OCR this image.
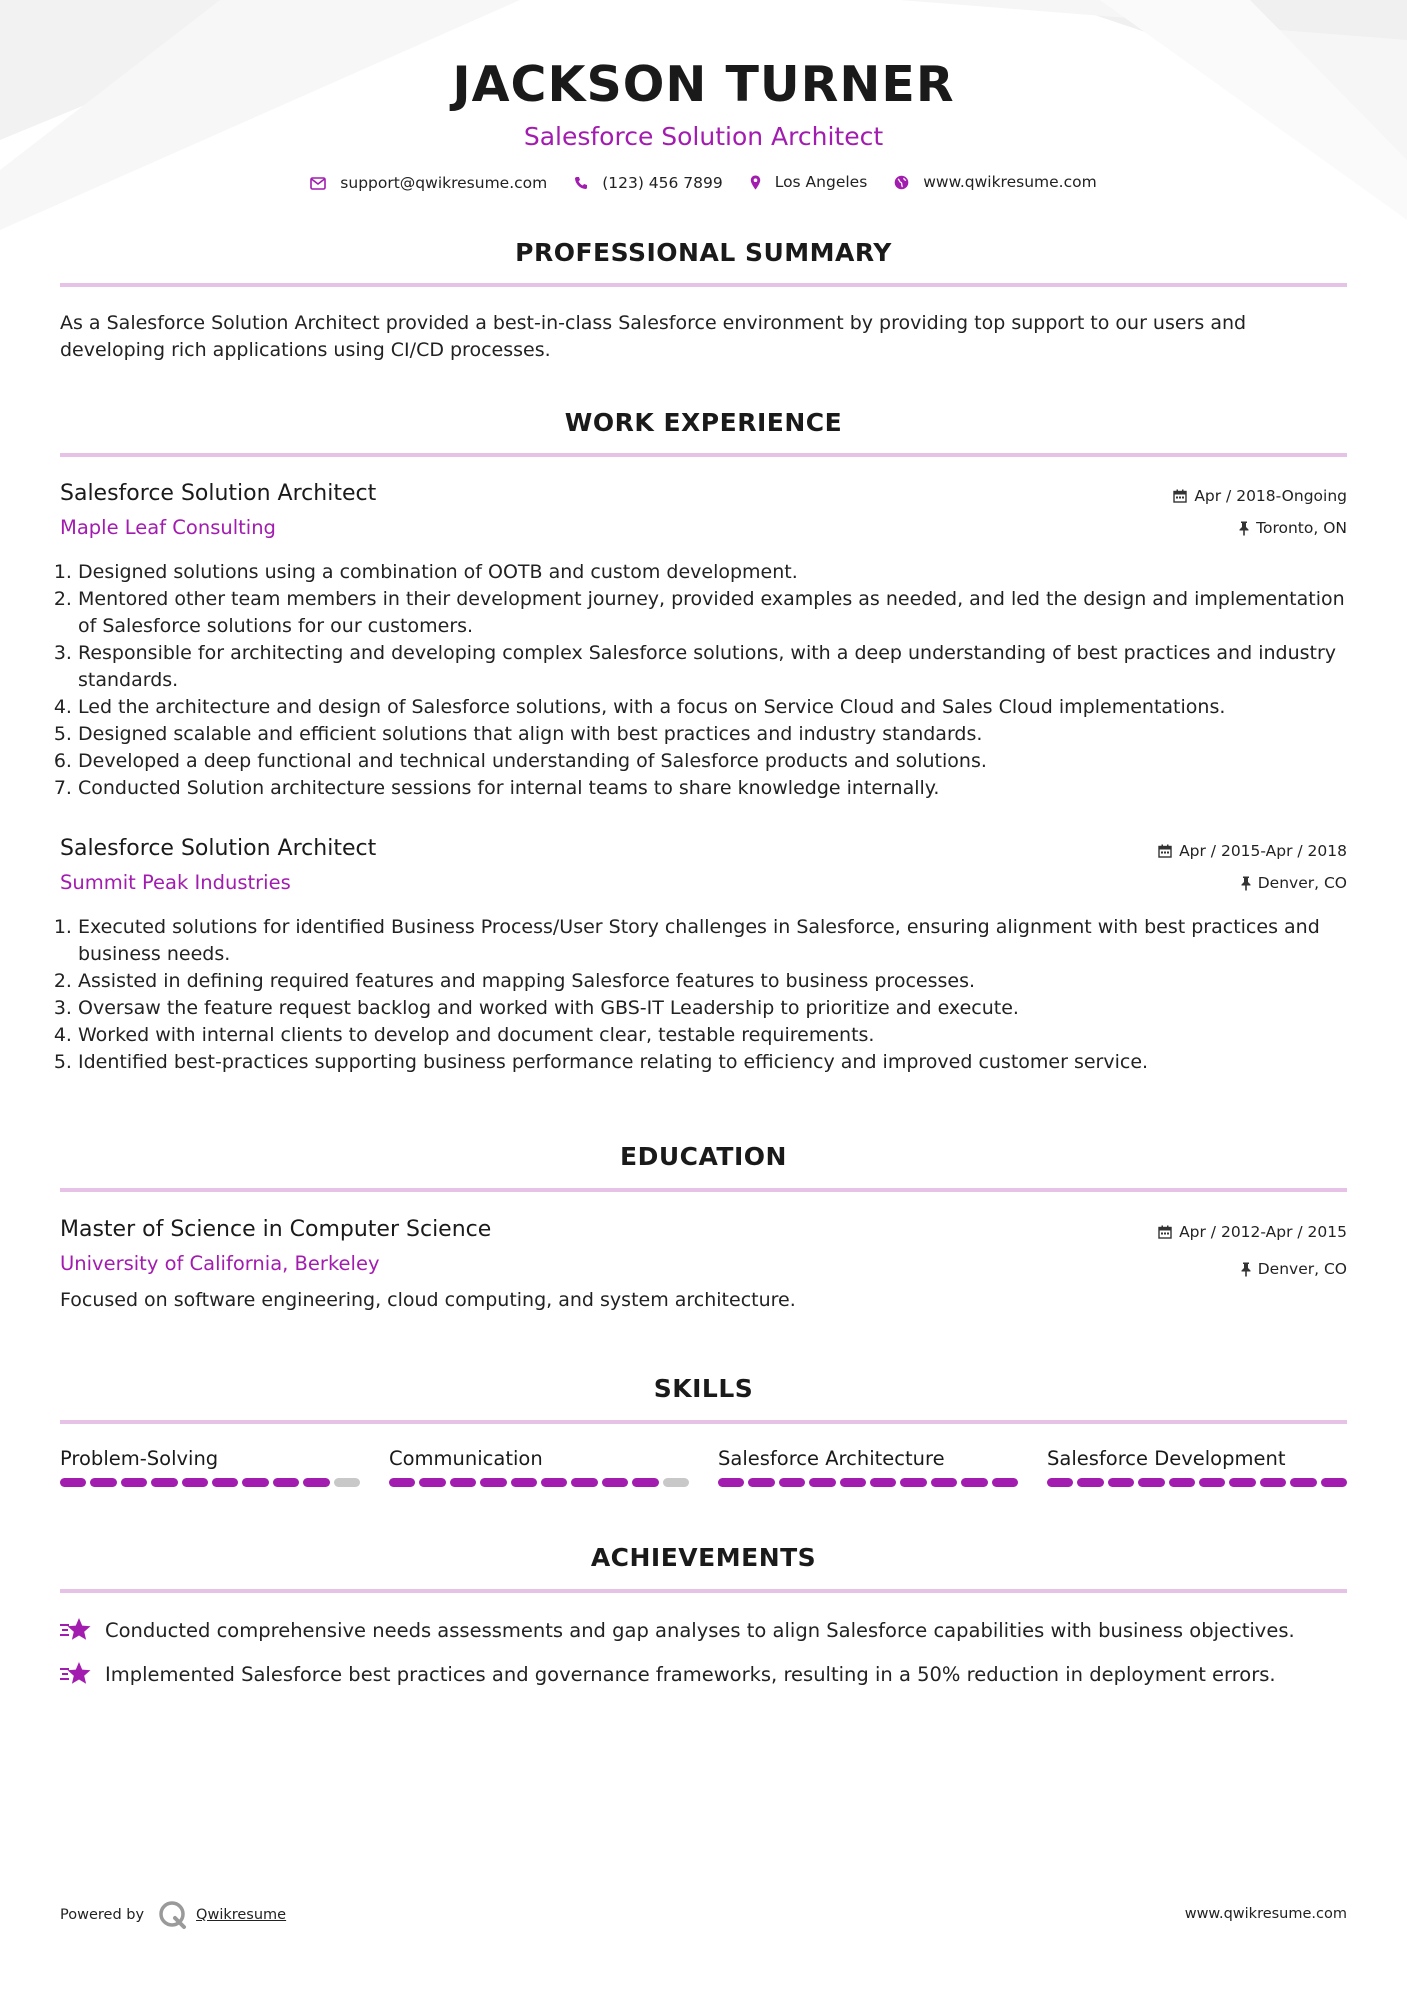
JACKSON TURNER
Salesforce Solution Architect
support@qwikresume.com
	(123) 456 7899
	Los Angeles
	www.qwikresume.com
PROFESSIONAL SUMMARY
As a Salesforce Solution Architect provided a best-in-class Salesforce environment by providing top support to our users and developing rich applications using CI/CD processes.
WORK EXPERIENCE
Salesforce Solution Architect
Maple Leaf Consulting
Apr / 2018-Ongoing
Toronto, ON
1. Designed solutions using a combination of OOTB and custom development.
2. Mentored other team members in their development journey, provided examples as needed, and led the design and implementation of Salesforce solutions for our customers.
3. Responsible for architecting and developing complex Salesforce solutions, with a deep understanding of best practices and industry standards.
4. Led the architecture and design of Salesforce solutions, with a focus on Service Cloud and Sales Cloud implementations.
5. Designed scalable and efficient solutions that align with best practices and industry standards.
6. Developed a deep functional and technical understanding of Salesforce products and solutions.
7. Conducted Solution architecture sessions for internal teams to share knowledge internally.
Salesforce Solution Architect
Summit Peak Industries
Apr / 2015-Apr / 2018
Denver, CO
1. Executed solutions for identified Business Process/User Story challenges in Salesforce, ensuring alignment with best practices and business needs.
2. Assisted in defining required features and mapping Salesforce features to business processes.
3. Oversaw the feature request backlog and worked with GBS-IT Leadership to prioritize and execute.
4. Worked with internal clients to develop and document clear, testable requirements.
5. Identified best-practices supporting business performance relating to efficiency and improved customer service.
EDUCATION
Master of Science in Computer Science
University of California, Berkeley
Apr / 2012-Apr / 2015
Denver, CO
Focused on software engineering, cloud computing, and system architecture.
SKILLS
Problem-Solving	Communication	Salesforce Architecture	Salesforce Development
ACHIEVEMENTS
Conducted comprehensive needs assessments and gap analyses to align Salesforce capabilities with business objectives.
Implemented Salesforce best practices and governance frameworks, resulting in a 50% reduction in deployment errors.
Powered by	Qwikresume	www.qwikresume.com
